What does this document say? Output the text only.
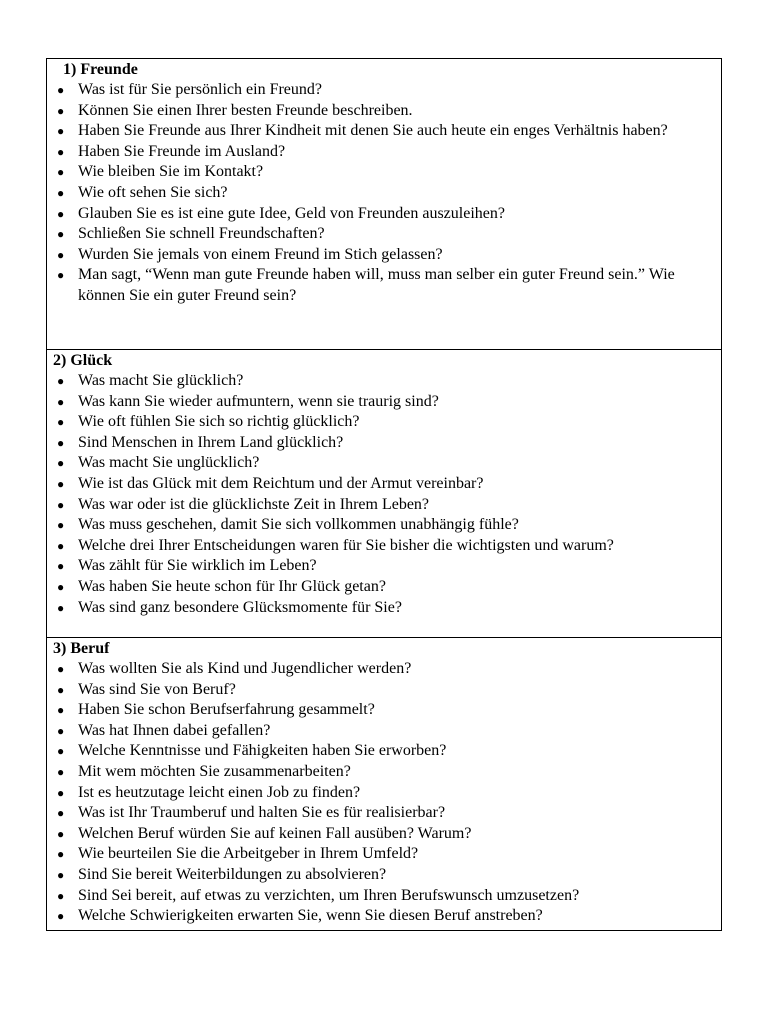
1) Freunde
● Was ist für Sie persönlich ein Freund?
● Können Sie einen Ihrer besten Freunde beschreiben.
● Haben Sie Freunde aus Ihrer Kindheit mit denen Sie auch heute ein enges Verhältnis haben?
● Haben Sie Freunde im Ausland?
● Wie bleiben Sie im Kontakt?
● Wie oft sehen Sie sich?
● Glauben Sie es ist eine gute Idee, Geld von Freunden auszuleihen?
● Schließen Sie schnell Freundschaften?
● Wurden Sie jemals von einem Freund im Stich gelassen?
● Man sagt, “Wenn man gute Freunde haben will, muss man selber ein guter Freund sein.” Wie können Sie ein guter Freund sein?
2) Glück
● Was macht Sie glücklich?
● Was kann Sie wieder aufmuntern, wenn sie traurig sind?
● Wie oft fühlen Sie sich so richtig glücklich?
● Sind Menschen in Ihrem Land glücklich?
● Was macht Sie unglücklich?
● Wie ist das Glück mit dem Reichtum und der Armut vereinbar?
● Was war oder ist die glücklichste Zeit in Ihrem Leben?
● Was muss geschehen, damit Sie sich vollkommen unabhängig fühle?
● Welche drei Ihrer Entscheidungen waren für Sie bisher die wichtigsten und warum?
● Was zählt für Sie wirklich im Leben?
● Was haben Sie heute schon für Ihr Glück getan?
● Was sind ganz besondere Glücksmomente für Sie?
3) Beruf
● Was wollten Sie als Kind und Jugendlicher werden?
● Was sind Sie von Beruf?
● Haben Sie schon Berufserfahrung gesammelt?
● Was hat Ihnen dabei gefallen?
● Welche Kenntnisse und Fähigkeiten haben Sie erworben?
● Mit wem möchten Sie zusammenarbeiten?
● Ist es heutzutage leicht einen Job zu finden?
● Was ist Ihr Traumberuf und halten Sie es für realisierbar?
● Welchen Beruf würden Sie auf keinen Fall ausüben? Warum?
● Wie beurteilen Sie die Arbeitgeber in Ihrem Umfeld?
● Sind Sie bereit Weiterbildungen zu absolvieren?
● Sind Sei bereit, auf etwas zu verzichten, um Ihren Berufswunsch umzusetzen?
● Welche Schwierigkeiten erwarten Sie, wenn Sie diesen Beruf anstreben?
